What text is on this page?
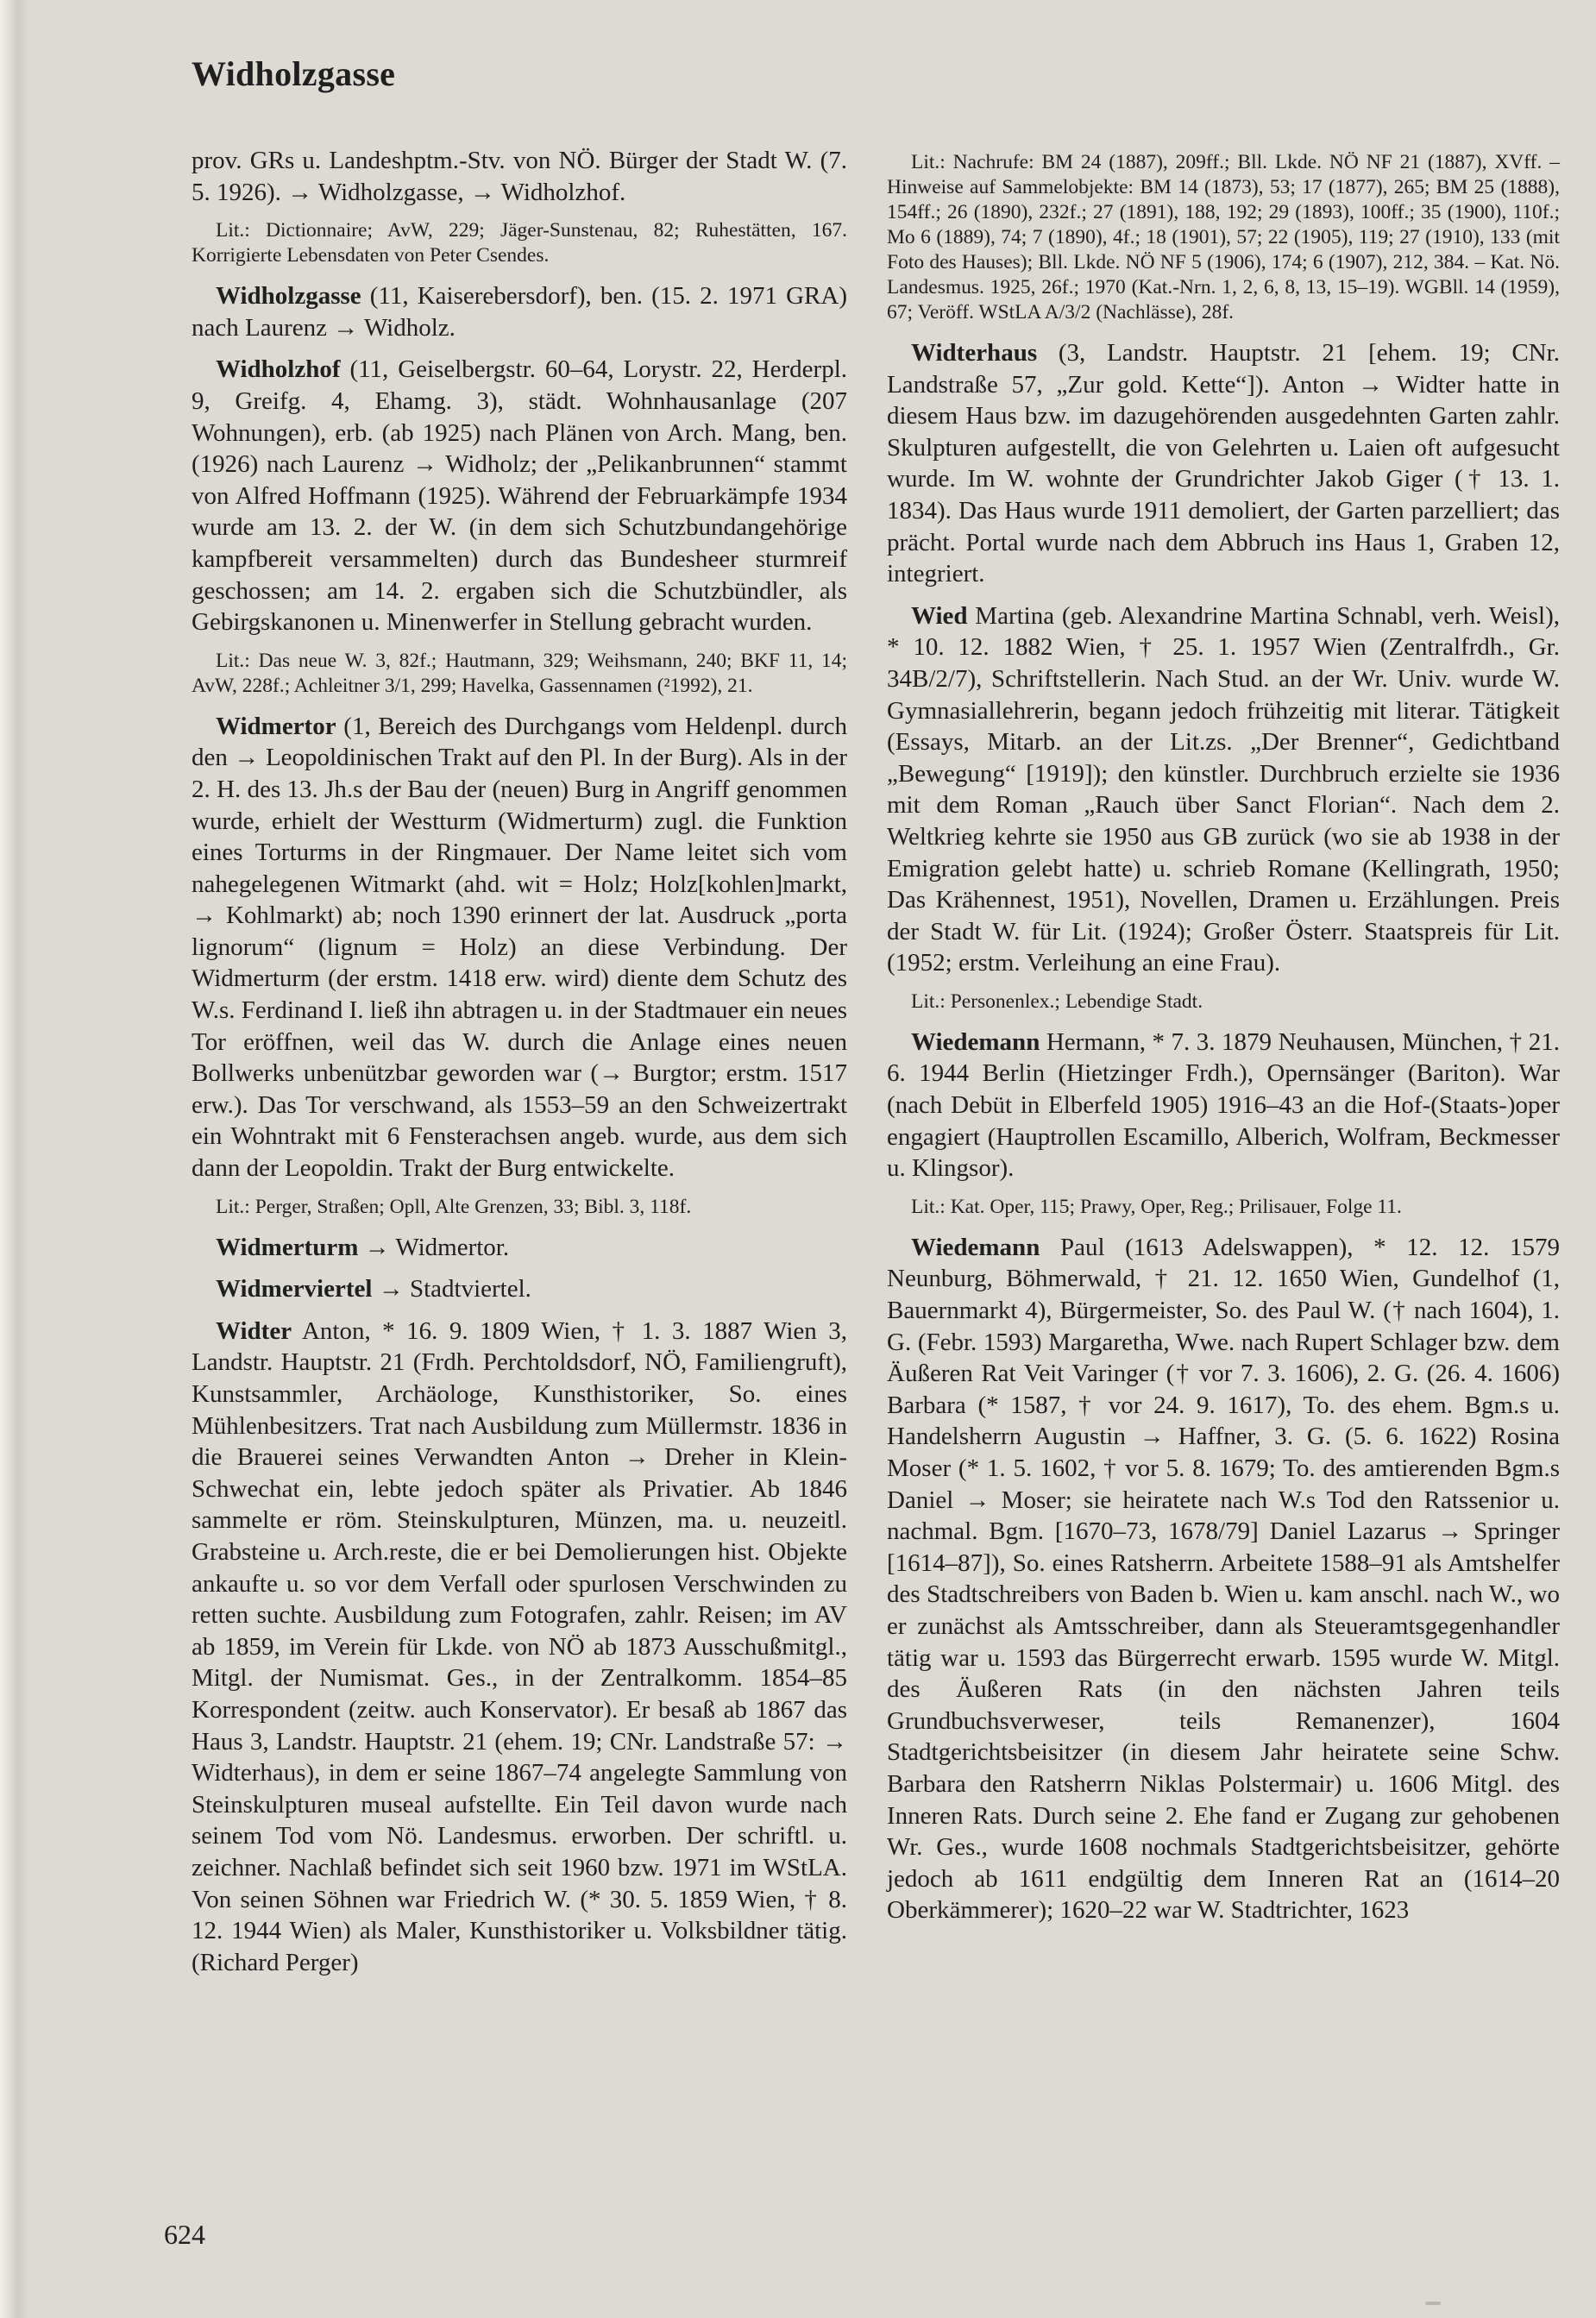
Widholzgasse

prov. GRs u. Landeshptm.-Stv. von NÖ. Bürger der Stadt W. (7. 5. 1926). → Widholzgasse, → Widholzhof.

Lit.: Dictionnaire; AvW, 229; Jäger-Sunstenau, 82; Ruhestätten, 167. Korrigierte Lebensdaten von Peter Csendes.

Widholzgasse (11, Kaiserebersdorf), ben. (15. 2. 1971 GRA) nach Laurenz → Widholz.

Widholzhof (11, Geiselbergstr. 60–64, Lorystr. 22, Herderpl. 9, Greifg. 4, Ehamg. 3), städt. Wohnhausanlage (207 Wohnungen), erb. (ab 1925) nach Plänen von Arch. Mang, ben. (1926) nach Laurenz → Widholz; der „Pelikanbrunnen“ stammt von Alfred Hoffmann (1925). Während der Februarkämpfe 1934 wurde am 13. 2. der W. (in dem sich Schutzbundangehörige kampfbereit versammelten) durch das Bundesheer sturmreif geschossen; am 14. 2. ergaben sich die Schutzbündler, als Gebirgskanonen u. Minenwerfer in Stellung gebracht wurden.

Lit.: Das neue W. 3, 82f.; Hautmann, 329; Weihsmann, 240; BKF 11, 14; AvW, 228f.; Achleitner 3/1, 299; Havelka, Gassennamen (²1992), 21.

Widmertor (1, Bereich des Durchgangs vom Heldenpl. durch den → Leopoldinischen Trakt auf den Pl. In der Burg). Als in der 2. H. des 13. Jh.s der Bau der (neuen) Burg in Angriff genommen wurde, erhielt der Westturm (Widmerturm) zugl. die Funktion eines Torturms in der Ringmauer. Der Name leitet sich vom nahegelegenen Witmarkt (ahd. wit = Holz; Holz[kohlen]markt, → Kohlmarkt) ab; noch 1390 erinnert der lat. Ausdruck „porta lignorum“ (lignum = Holz) an diese Verbindung. Der Widmerturm (der erstm. 1418 erw. wird) diente dem Schutz des W.s. Ferdinand I. ließ ihn abtragen u. in der Stadtmauer ein neues Tor eröffnen, weil das W. durch die Anlage eines neuen Bollwerks unbenützbar geworden war (→ Burgtor; erstm. 1517 erw.). Das Tor verschwand, als 1553–59 an den Schweizertrakt ein Wohntrakt mit 6 Fensterachsen angeb. wurde, aus dem sich dann der Leopoldin. Trakt der Burg entwickelte.

Lit.: Perger, Straßen; Opll, Alte Grenzen, 33; Bibl. 3, 118f.

Widmerturm → Widmertor.

Widmerviertel → Stadtviertel.

Widter Anton, * 16. 9. 1809 Wien, † 1. 3. 1887 Wien 3, Landstr. Hauptstr. 21 (Frdh. Perchtoldsdorf, NÖ, Familiengruft), Kunstsammler, Archäologe, Kunsthistoriker, So. eines Mühlenbesitzers. Trat nach Ausbildung zum Müllermstr. 1836 in die Brauerei seines Verwandten Anton → Dreher in Klein-Schwechat ein, lebte jedoch später als Privatier. Ab 1846 sammelte er röm. Steinskulpturen, Münzen, ma. u. neuzeitl. Grabsteine u. Arch.reste, die er bei Demolierungen hist. Objekte ankaufte u. so vor dem Verfall oder spurlosen Verschwinden zu retten suchte. Ausbildung zum Fotografen, zahlr. Reisen; im AV ab 1859, im Verein für Lkde. von NÖ ab 1873 Ausschußmitgl., Mitgl. der Numismat. Ges., in der Zentralkomm. 1854–85 Korrespondent (zeitw. auch Konservator). Er besaß ab 1867 das Haus 3, Landstr. Hauptstr. 21 (ehem. 19; CNr. Landstraße 57: → Widterhaus), in dem er seine 1867–74 angelegte Sammlung von Steinskulpturen museal aufstellte. Ein Teil davon wurde nach seinem Tod vom Nö. Landesmus. erworben. Der schriftl. u. zeichner. Nachlaß befindet sich seit 1960 bzw. 1971 im WStLA. Von seinen Söhnen war Friedrich W. (* 30. 5. 1859 Wien, † 8. 12. 1944 Wien) als Maler, Kunsthistoriker u. Volksbildner tätig. (Richard Perger)

Lit.: Nachrufe: BM 24 (1887), 209ff.; Bll. Lkde. NÖ NF 21 (1887), XVff. – Hinweise auf Sammelobjekte: BM 14 (1873), 53; 17 (1877), 265; BM 25 (1888), 154ff.; 26 (1890), 232f.; 27 (1891), 188, 192; 29 (1893), 100ff.; 35 (1900), 110f.; Mo 6 (1889), 74; 7 (1890), 4f.; 18 (1901), 57; 22 (1905), 119; 27 (1910), 133 (mit Foto des Hauses); Bll. Lkde. NÖ NF 5 (1906), 174; 6 (1907), 212, 384. – Kat. Nö. Landesmus. 1925, 26f.; 1970 (Kat.-Nrn. 1, 2, 6, 8, 13, 15–19). WGBll. 14 (1959), 67; Veröff. WStLA A/3/2 (Nachlässe), 28f.

Widterhaus (3, Landstr. Hauptstr. 21 [ehem. 19; CNr. Landstraße 57, „Zur gold. Kette“]). Anton → Widter hatte in diesem Haus bzw. im dazugehörenden ausgedehnten Garten zahlr. Skulpturen aufgestellt, die von Gelehrten u. Laien oft aufgesucht wurde. Im W. wohnte der Grundrichter Jakob Giger († 13. 1. 1834). Das Haus wurde 1911 demoliert, der Garten parzelliert; das prächt. Portal wurde nach dem Abbruch ins Haus 1, Graben 12, integriert.

Wied Martina (geb. Alexandrine Martina Schnabl, verh. Weisl), * 10. 12. 1882 Wien, † 25. 1. 1957 Wien (Zentralfrdh., Gr. 34B/2/7), Schriftstellerin. Nach Stud. an der Wr. Univ. wurde W. Gymnasiallehrerin, begann jedoch frühzeitig mit literar. Tätigkeit (Essays, Mitarb. an der Lit.zs. „Der Brenner“, Gedichtband „Bewegung“ [1919]); den künstler. Durchbruch erzielte sie 1936 mit dem Roman „Rauch über Sanct Florian“. Nach dem 2. Weltkrieg kehrte sie 1950 aus GB zurück (wo sie ab 1938 in der Emigration gelebt hatte) u. schrieb Romane (Kellingrath, 1950; Das Krähennest, 1951), Novellen, Dramen u. Erzählungen. Preis der Stadt W. für Lit. (1924); Großer Österr. Staatspreis für Lit. (1952; erstm. Verleihung an eine Frau).

Lit.: Personenlex.; Lebendige Stadt.

Wiedemann Hermann, * 7. 3. 1879 Neuhausen, München, † 21. 6. 1944 Berlin (Hietzinger Frdh.), Opernsänger (Bariton). War (nach Debüt in Elberfeld 1905) 1916–43 an die Hof-(Staats-)oper engagiert (Hauptrollen Escamillo, Alberich, Wolfram, Beckmesser u. Klingsor).

Lit.: Kat. Oper, 115; Prawy, Oper, Reg.; Prilisauer, Folge 11.

Wiedemann Paul (1613 Adelswappen), * 12. 12. 1579 Neunburg, Böhmerwald, † 21. 12. 1650 Wien, Gundelhof (1, Bauernmarkt 4), Bürgermeister, So. des Paul W. († nach 1604), 1. G. (Febr. 1593) Margaretha, Wwe. nach Rupert Schlager bzw. dem Äußeren Rat Veit Varinger († vor 7. 3. 1606), 2. G. (26. 4. 1606) Barbara (* 1587, † vor 24. 9. 1617), To. des ehem. Bgm.s u. Handelsherrn Augustin → Haffner, 3. G. (5. 6. 1622) Rosina Moser (* 1. 5. 1602, † vor 5. 8. 1679; To. des amtierenden Bgm.s Daniel → Moser; sie heiratete nach W.s Tod den Ratssenior u. nachmal. Bgm. [1670–73, 1678/79] Daniel Lazarus → Springer [1614–87]), So. eines Ratsherrn. Arbeitete 1588–91 als Amtshelfer des Stadtschreibers von Baden b. Wien u. kam anschl. nach W., wo er zunächst als Amtsschreiber, dann als Steueramtsgegenhandler tätig war u. 1593 das Bürgerrecht erwarb. 1595 wurde W. Mitgl. des Äußeren Rats (in den nächsten Jahren teils Grundbuchsverweser, teils Remanenzer), 1604 Stadtgerichtsbeisitzer (in diesem Jahr heiratete seine Schw. Barbara den Ratsherrn Niklas Polstermair) u. 1606 Mitgl. des Inneren Rats. Durch seine 2. Ehe fand er Zugang zur gehobenen Wr. Ges., wurde 1608 nochmals Stadtgerichtsbeisitzer, gehörte jedoch ab 1611 endgültig dem Inneren Rat an (1614–20 Oberkämmerer); 1620–22 war W. Stadtrichter, 1623

624
